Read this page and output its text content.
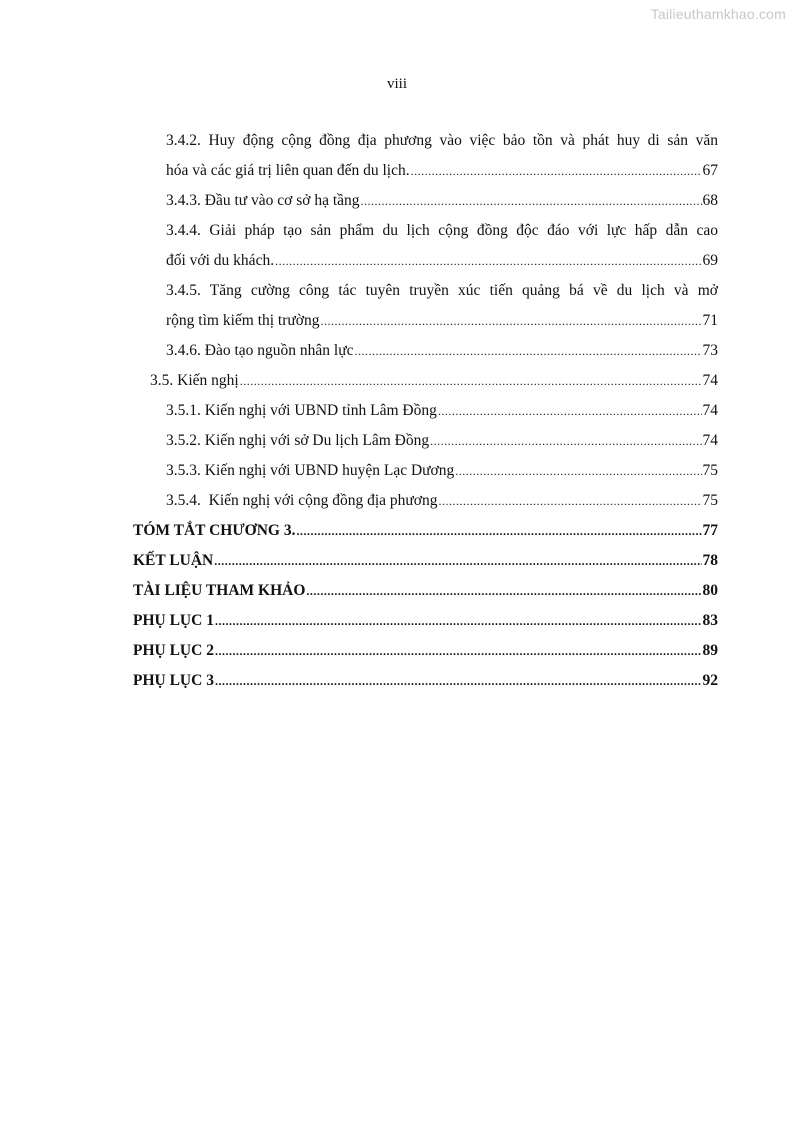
Tailieuthamkhao.com
viii
3.4.2. Huy động cộng đồng địa phương vào việc bảo tồn và phát huy di sản văn
hóa và các giá trị liên quan đến du lịch. .....	67
3.4.3. Đầu tư vào cơ sở hạ tầng .....	68
3.4.4. Giải pháp tạo sản phẩm du lịch cộng đồng độc đáo với lực hấp dẫn cao
đối với du khách. .....	69
3.4.5. Tăng cường công tác tuyên truyền xúc tiến quảng bá về du lịch và mở
rộng tìm kiếm thị trường .....	71
3.4.6. Đào tạo nguồn nhân lực .....	73
3.5. Kiến nghị .....	74
3.5.1. Kiến nghị với UBND tỉnh Lâm Đồng .....	74
3.5.2. Kiến nghị với sở Du lịch Lâm Đồng .....	74
3.5.3. Kiến nghị với UBND huyện Lạc Dương .....	75
3.5.4.  Kiến nghị với cộng đồng địa phương .....	75
TÓM TẮT CHƯƠNG 3. .....	77
KẾT LUẬN .....	78
TÀI LIỆU THAM KHẢO .....	80
PHỤ LỤC 1 .....	83
PHỤ LỤC 2 .....	89
PHỤ LỤC 3 .....	92
